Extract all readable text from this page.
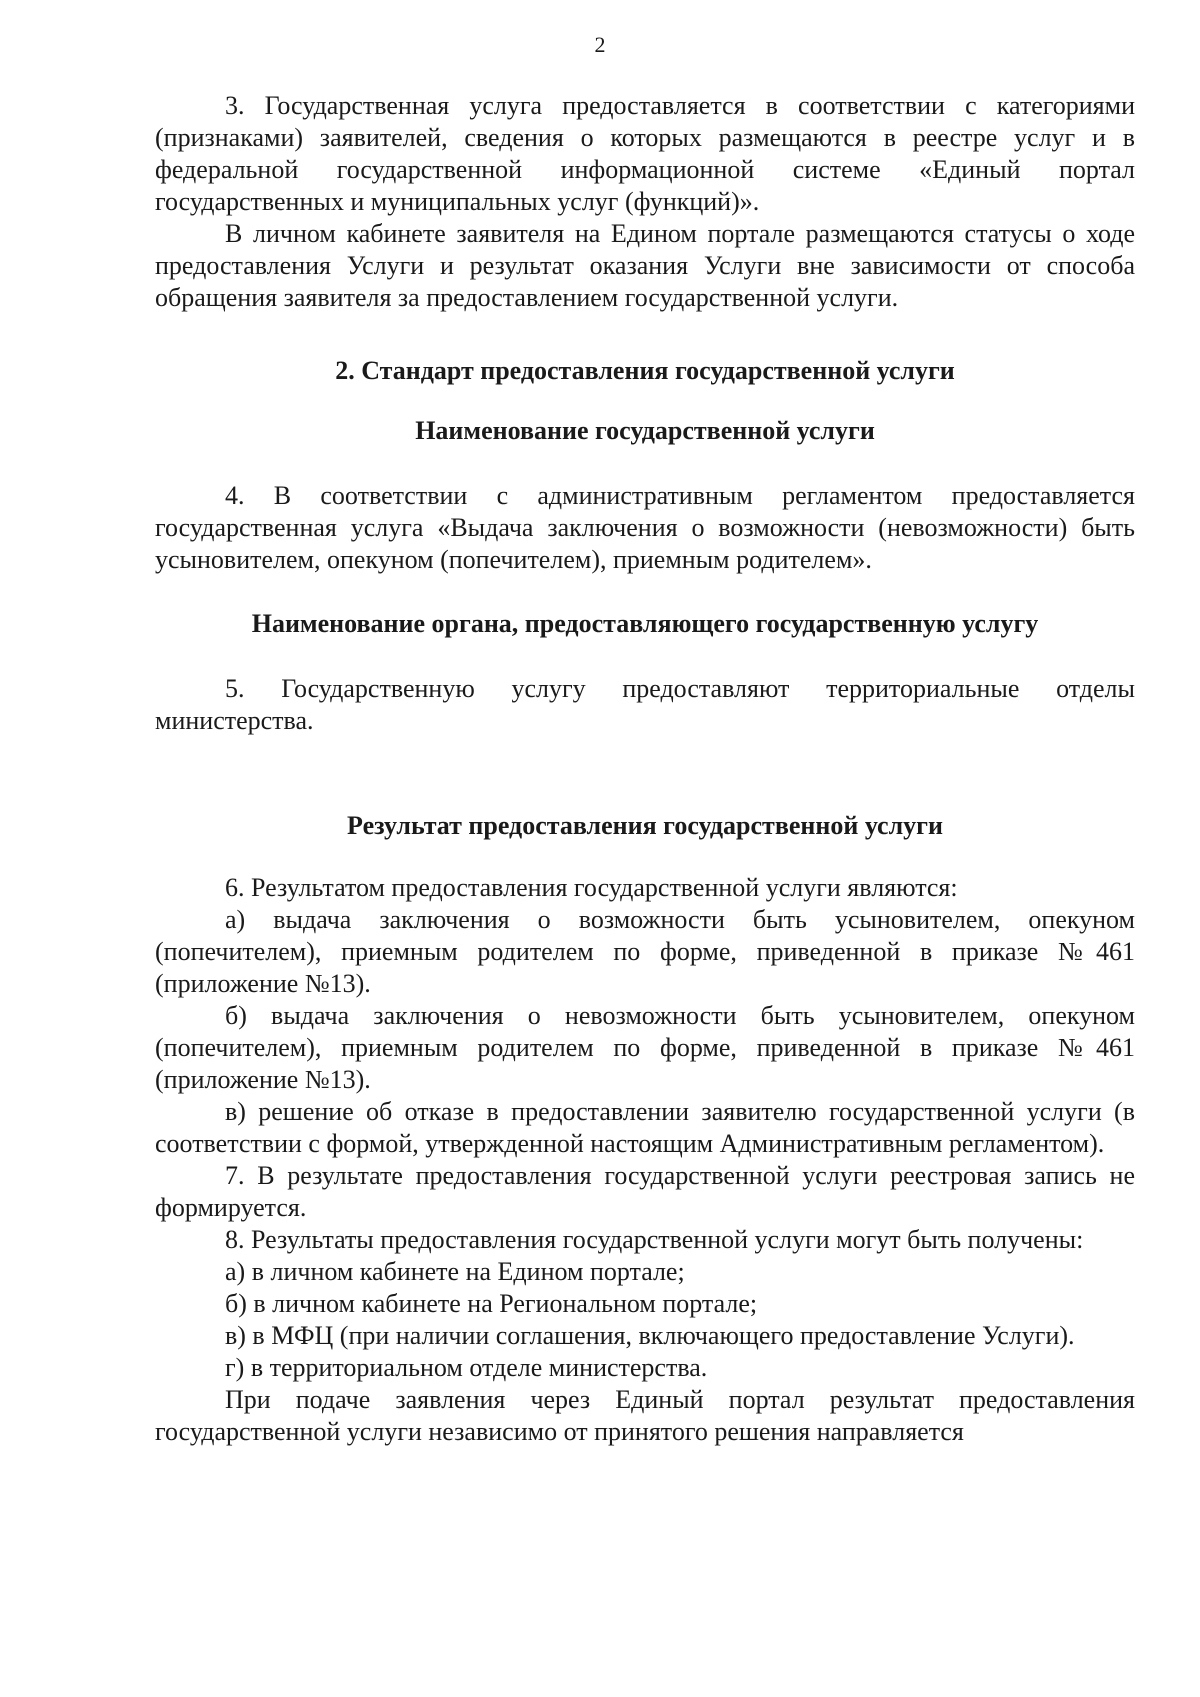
2

3. Государственная услуга предоставляется в соответствии с категориями (признаками) заявителей, сведения о которых размещаются в реестре услуг и в федеральной государственной информационной системе «Единый портал государственных и муниципальных услуг (функций)».

В личном кабинете заявителя на Едином портале размещаются статусы о ходе предоставления Услуги и результат оказания Услуги вне зависимости от способа обращения заявителя за предоставлением государственной услуги.

2. Стандарт предоставления государственной услуги

Наименование государственной услуги

4. В соответствии с административным регламентом предоставляется государственная услуга «Выдача заключения о возможности (невозможности) быть усыновителем, опекуном (попечителем), приемным родителем».

Наименование органа, предоставляющего государственную услугу

5. Государственную услугу предоставляют территориальные отделы министерства.

Результат предоставления государственной услуги

6. Результатом предоставления государственной услуги являются:

а) выдача заключения о возможности быть усыновителем, опекуном (попечителем), приемным родителем по форме, приведенной в приказе №461 (приложение №13).

б) выдача заключения о невозможности быть усыновителем, опекуном (попечителем), приемным родителем по форме, приведенной в приказе №461 (приложение №13).

в) решение об отказе в предоставлении заявителю государственной услуги (в соответствии с формой, утвержденной настоящим Административным регламентом).

7. В результате предоставления государственной услуги реестровая запись не формируется.

8. Результаты предоставления государственной услуги могут быть получены:

а) в личном кабинете на Едином портале;

б) в личном кабинете на Региональном портале;

в) в МФЦ (при наличии соглашения, включающего предоставление Услуги).

г) в территориальном отделе министерства.

При подаче заявления через Единый портал результат предоставления государственной услуги независимо от принятого решения направляется
